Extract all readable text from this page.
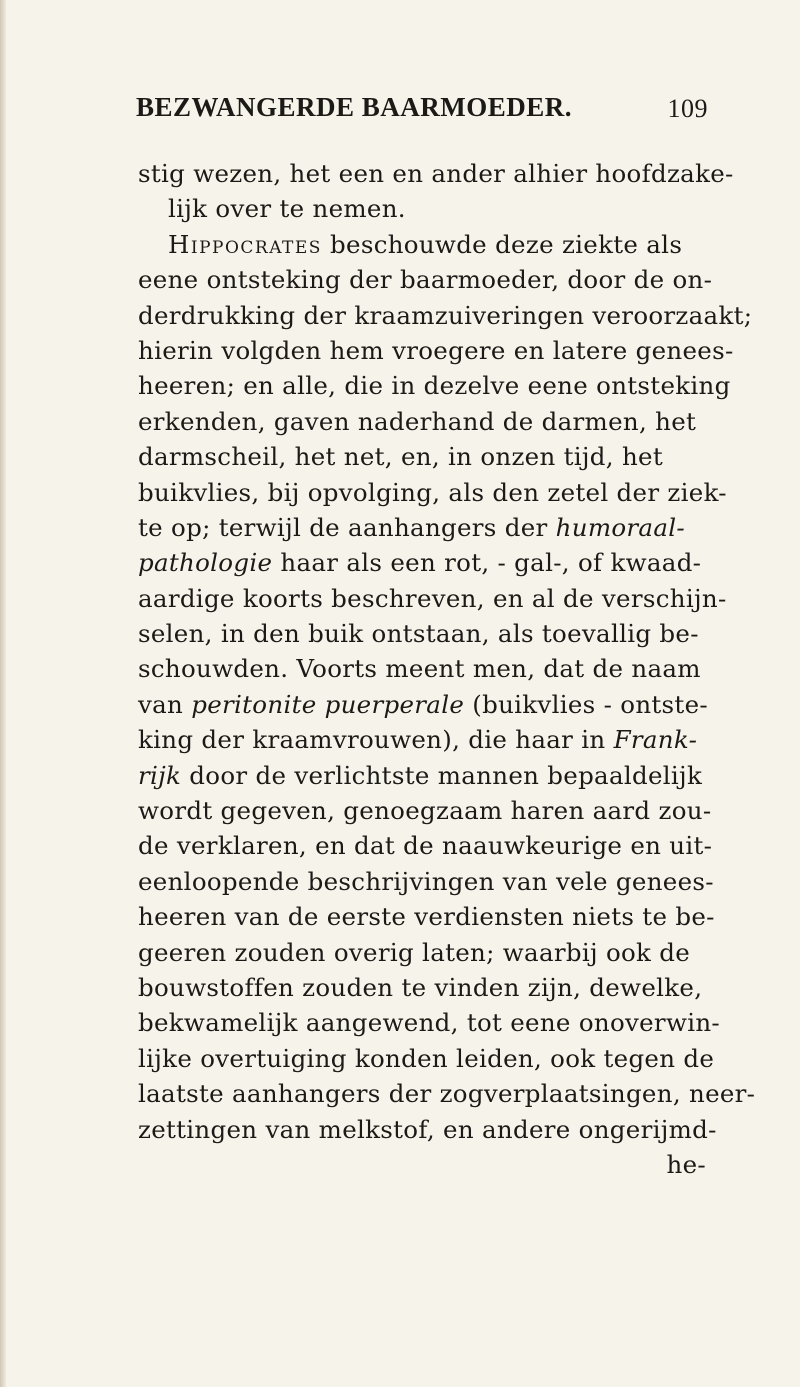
BEZWANGERDE BAARMOEDER.	109
stig wezen, het een en ander alhier hoofdzake-
lijk over te nemen.
Hippocrates beschouwde deze ziekte als
eene ontsteking der baarmoeder, door de on-
derdrukking der kraamzuiveringen veroorzaakt;
hierin volgden hem vroegere en latere genees-
heeren; en alle, die in dezelve eene ontsteking
erkenden, gaven naderhand de darmen, het
darmscheil, het net, en, in onzen tijd, het
buikvlies, bij opvolging, als den zetel der ziek-
te op; terwijl de aanhangers der humoraal-
pathologie haar als een rot, - gal-, of kwaad-
aardige koorts beschreven, en al de verschijn-
selen, in den buik ontstaan, als toevallig be-
schouwden. Voorts meent men, dat de naam
van peritonite puerperale (buikvlies - ontste-
king der kraamvrouwen), die haar in Frank-
rijk door de verlichtste mannen bepaaldelijk
wordt gegeven, genoegzaam haren aard zou-
de verklaren, en dat de naauwkeurige en uit-
eenloopende beschrijvingen van vele genees-
heeren van de eerste verdiensten niets te be-
geeren zouden overig laten; waarbij ook de
bouwstoffen zouden te vinden zijn, dewelke,
bekwamelijk aangewend, tot eene onoverwin-
lijke overtuiging konden leiden, ook tegen de
laatste aanhangers der zogverplaatsingen, neer-
zettingen van melkstof, en andere ongerijmd-
he-
